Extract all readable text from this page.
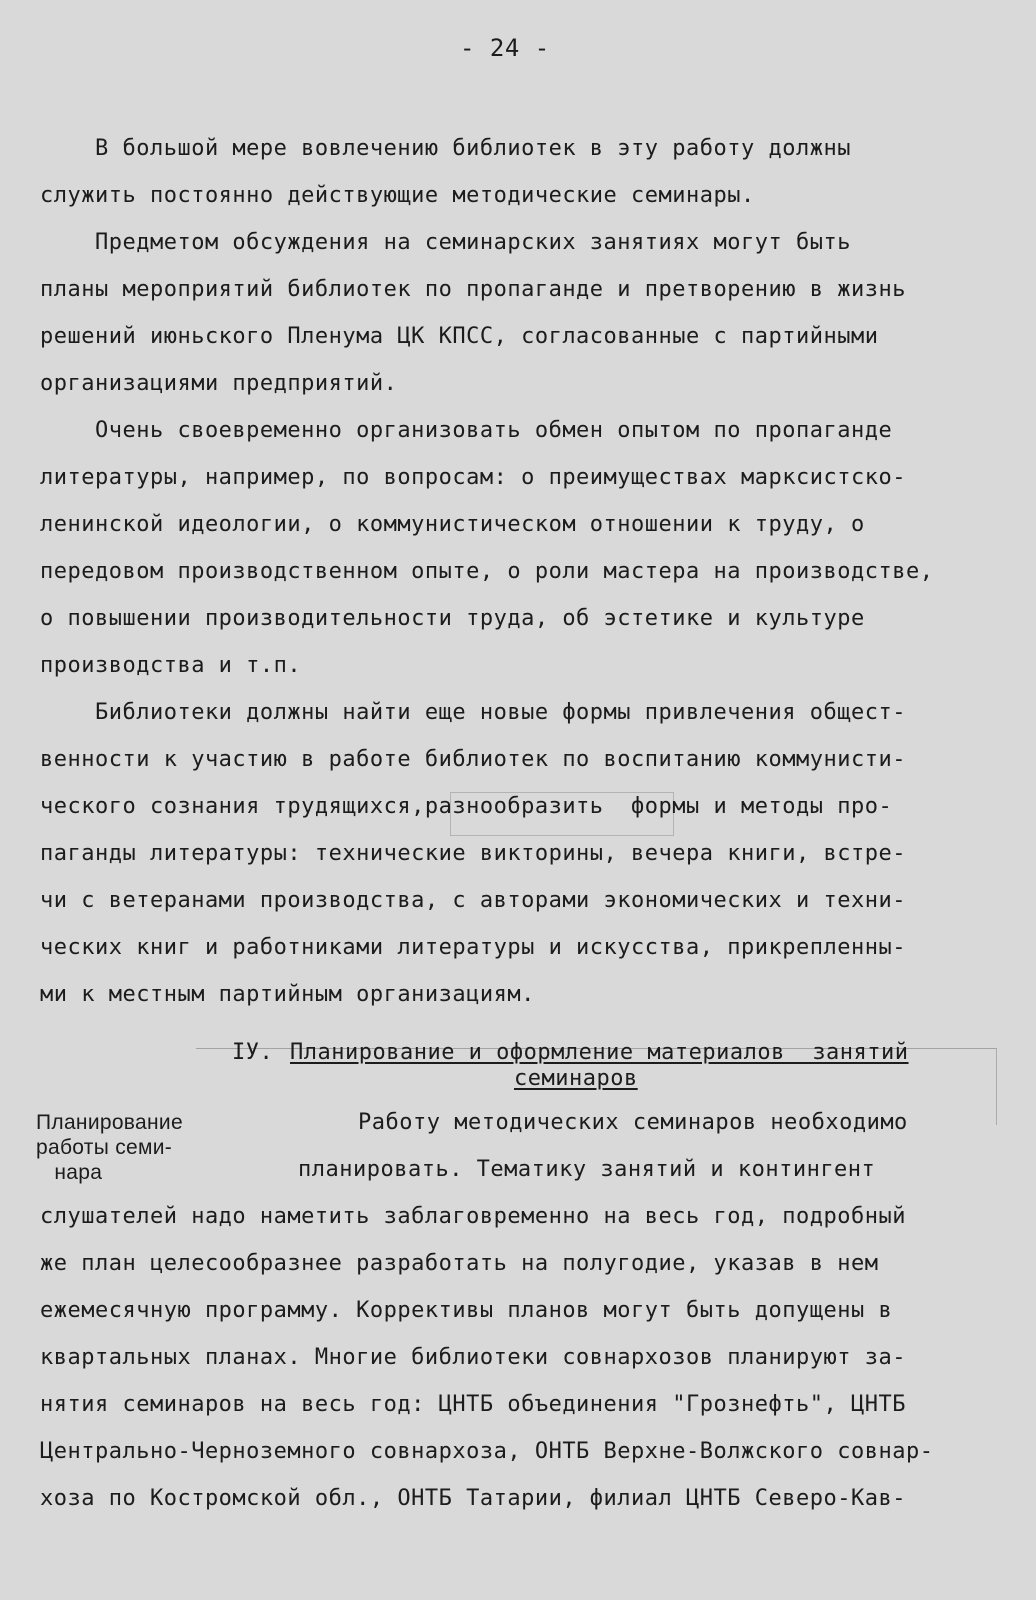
- 24 -
В большой мере вовлечению библиотек в эту работу должны
служить постоянно действующие методические семинары.
Предметом обсуждения на семинарских занятиях могут быть
планы мероприятий библиотек по пропаганде и претворению в жизнь
решений июньского Пленума ЦК КПСС, согласованные с партийными
организациями предприятий.
Очень своевременно организовать обмен опытом по пропаганде
литературы, например, по вопросам: о преимуществах марксистско-
ленинской идеологии, о коммунистическом отношении к труду, о
передовом производственном опыте, о роли мастера на производстве,
о повышении производительности труда, об эстетике и культуре
производства и т.п.
Библиотеки должны найти еще новые формы привлечения общест-
венности к участию в работе библиотек по воспитанию коммунисти-
ческого сознания трудящихся,разнообразить  формы и методы про-
паганды литературы: технические викторины, вечера книги, встре-
чи с ветеранами производства, с авторами экономических и техни-
ческих книг и работниками литературы и искусства, прикрепленны-
ми к местным партийным организациям.
IУ. Планирование и оформление материалов  занятий
семинаров
Планирование
работы семи-
нара
Работу методических семинаров необходимо
планировать. Тематику занятий и контингент
слушателей надо наметить заблаговременно на весь год, подробный
же план целесообразнее разработать на полугодие, указав в нем
ежемесячную программу. Коррективы планов могут быть допущены в
квартальных планах. Многие библиотеки совнархозов планируют за-
нятия семинаров на весь год: ЦНТБ объединения "Грознефть", ЦНТБ
Центрально-Черноземного совнархоза, ОНТБ Верхне-Волжского совнар-
хоза по Костромской обл., ОНТБ Татарии, филиал ЦНТБ Северо-Кав-
